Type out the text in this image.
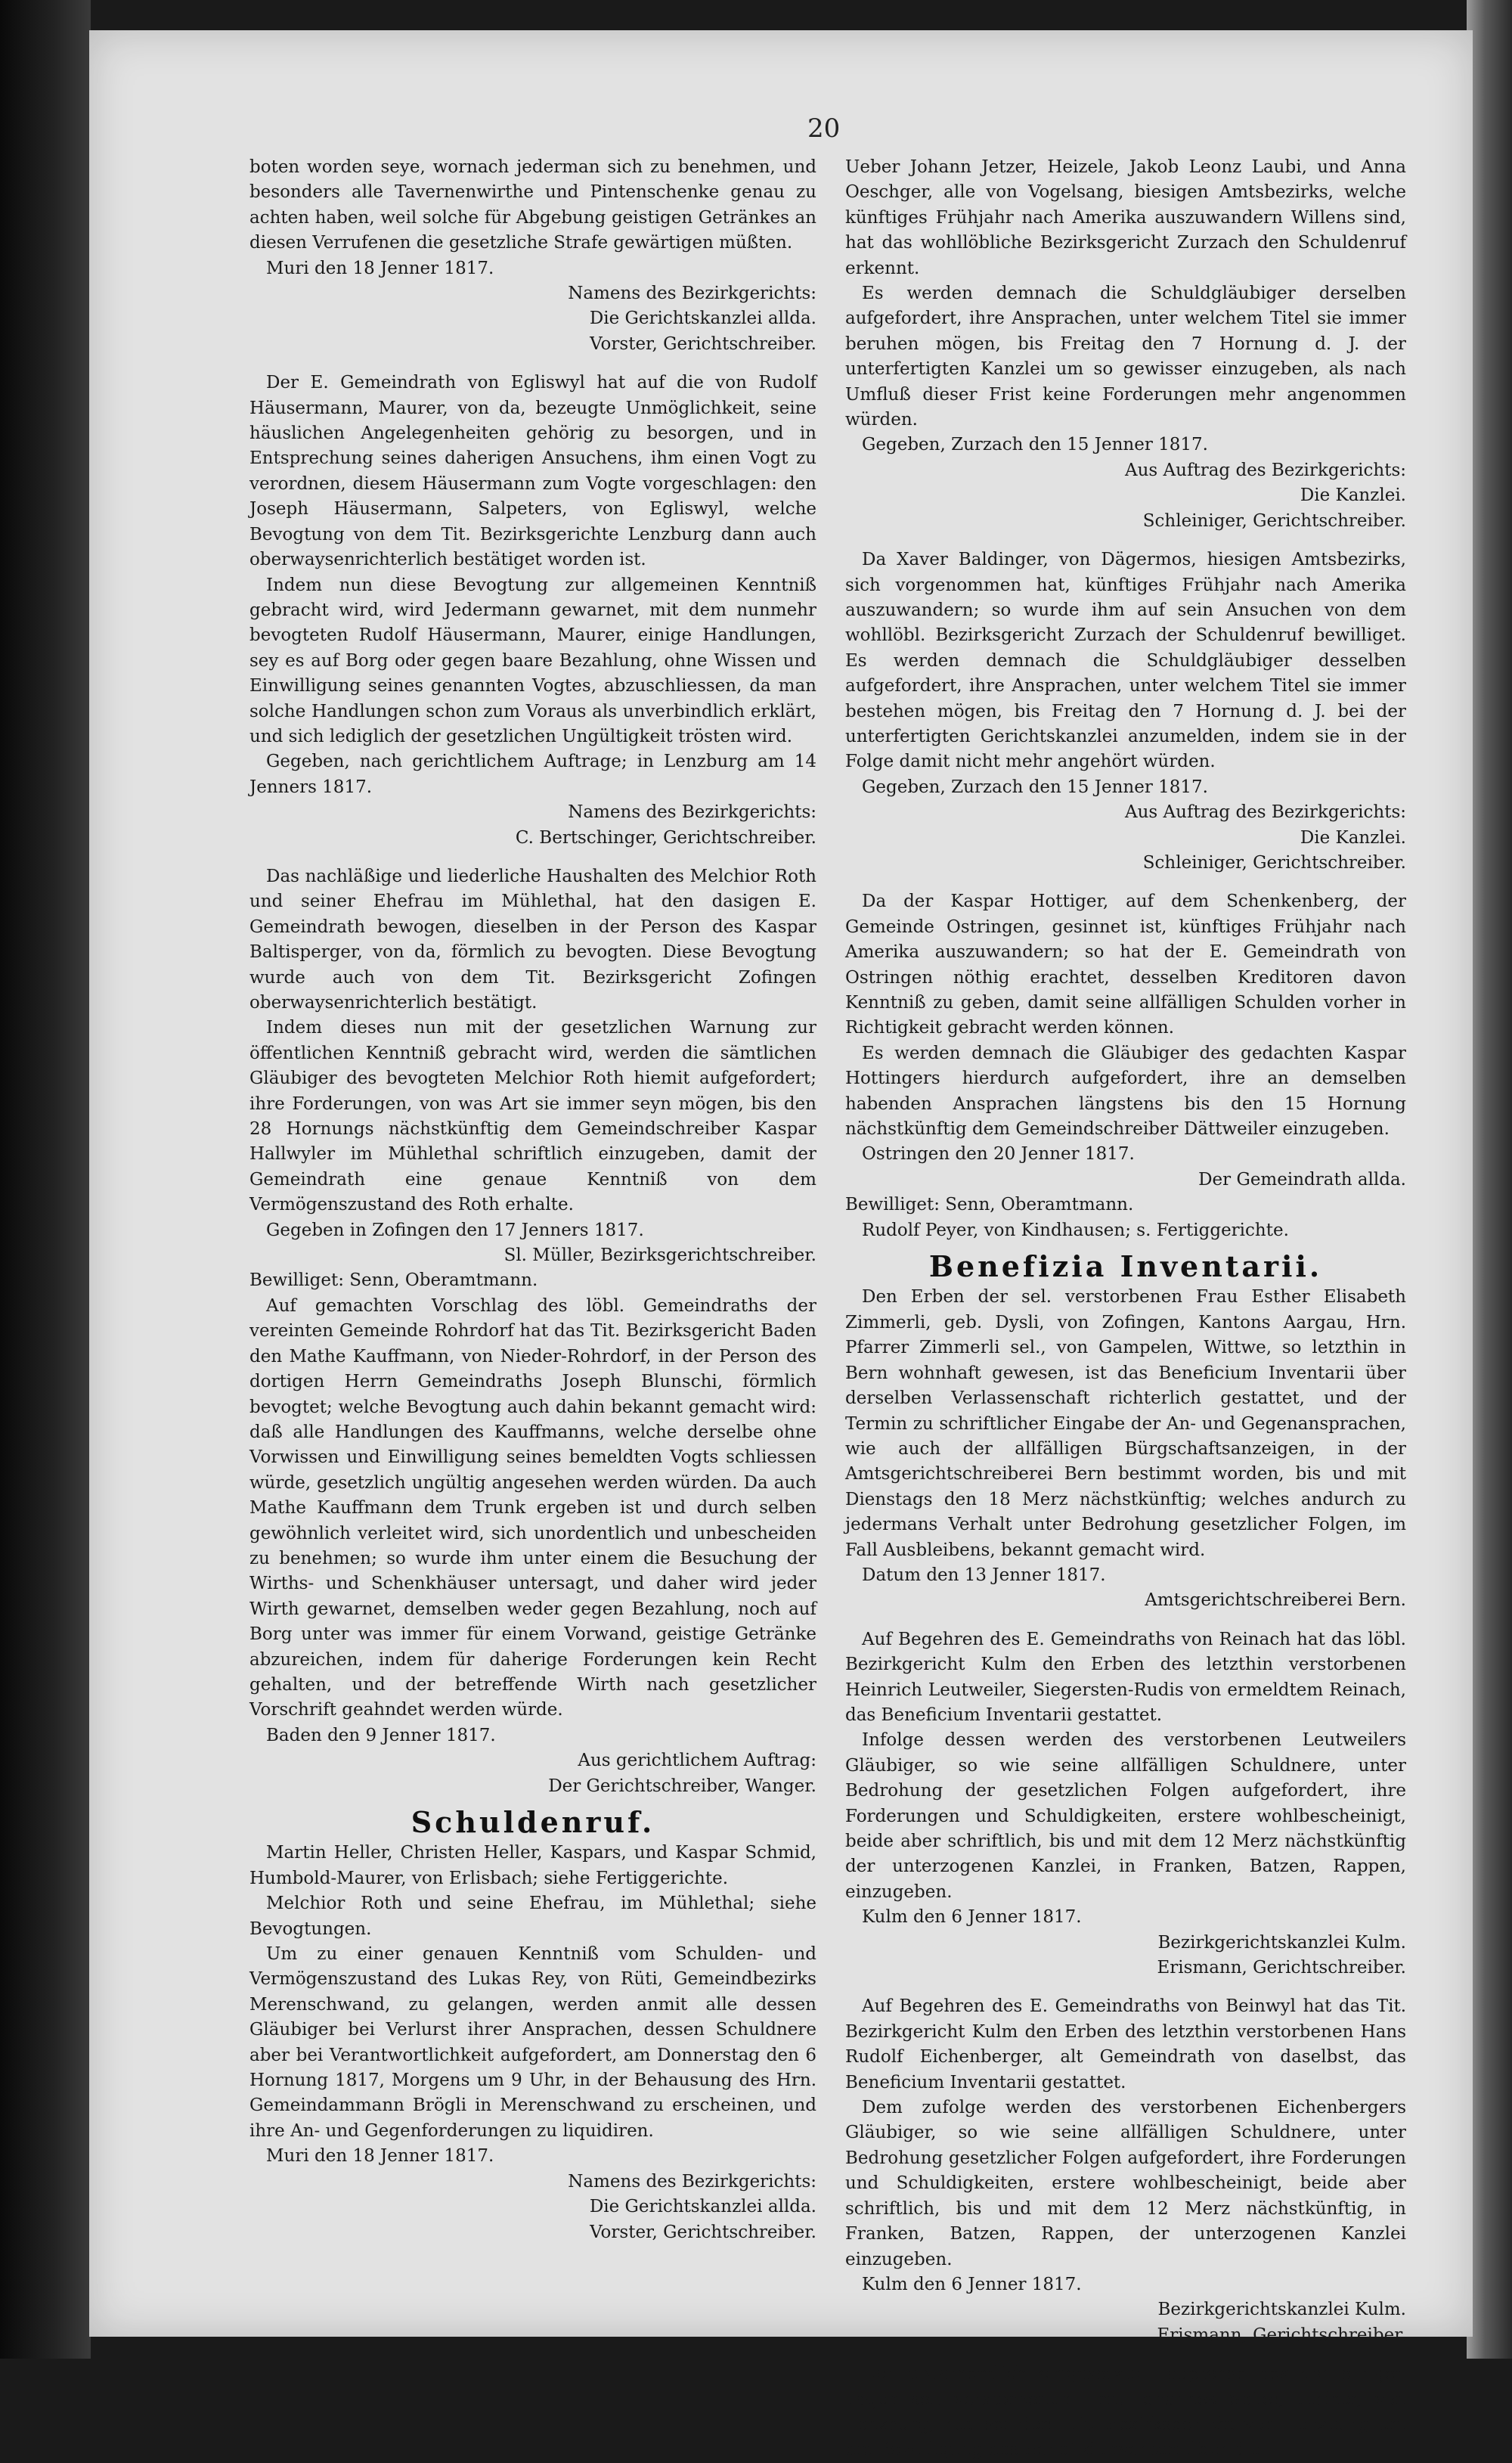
20

boten worden seye, wornach jederman sich zu benehmen, und besonders alle Tavernenwirthe und Pintenschenke genau zu achten haben, weil solche für Abgebung geistigen Getränkes an diesen Verrufenen die gesetzliche Strafe gewärtigen müßten.

Muri den 18 Jenner 1817.

Namens des Bezirkgerichts:

Die Gerichtskanzlei allda.

Vorster, Gerichtschreiber.

Der E. Gemeindrath von Egliswyl hat auf die von Rudolf Häusermann, Maurer, von da, bezeugte Unmöglichkeit, seine häuslichen Angelegenheiten gehörig zu besorgen, und in Entsprechung seines daherigen Ansuchens, ihm einen Vogt zu verordnen, diesem Häusermann zum Vogte vorgeschlagen: den Joseph Häusermann, Salpeters, von Egliswyl, welche Bevogtung von dem Tit. Bezirksgerichte Lenzburg dann auch oberwaysenrichterlich bestätiget worden ist.

Indem nun diese Bevogtung zur allgemeinen Kenntniß gebracht wird, wird Jedermann gewarnet, mit dem nunmehr bevogteten Rudolf Häusermann, Maurer, einige Handlungen, sey es auf Borg oder gegen baare Bezahlung, ohne Wissen und Einwilligung seines genannten Vogtes, abzuschliessen, da man solche Handlungen schon zum Voraus als unverbindlich erklärt, und sich lediglich der gesetzlichen Ungültigkeit trösten wird.

Gegeben, nach gerichtlichem Auftrage; in Lenzburg am 14 Jenners 1817.

Namens des Bezirkgerichts:

C. Bertschinger, Gerichtschreiber.

Das nachläßige und liederliche Haushalten des Melchior Roth und seiner Ehefrau im Mühlethal, hat den dasigen E. Gemeindrath bewogen, dieselben in der Person des Kaspar Baltisperger, von da, förmlich zu bevogten. Diese Bevogtung wurde auch von dem Tit. Bezirksgericht Zofingen oberwaysenrichterlich bestätigt.

Indem dieses nun mit der gesetzlichen Warnung zur öffentlichen Kenntniß gebracht wird, werden die sämtlichen Gläubiger des bevogteten Melchior Roth hiemit aufgefordert; ihre Forderungen, von was Art sie immer seyn mögen, bis den 28 Hornungs nächstkünftig dem Gemeindschreiber Kaspar Hallwyler im Mühlethal schriftlich einzugeben, damit der Gemeindrath eine genaue Kenntniß von dem Vermögenszustand des Roth erhalte.

Gegeben in Zofingen den 17 Jenners 1817.

Sl. Müller, Bezirksgerichtschreiber.

Bewilliget: Senn, Oberamtmann.

Auf gemachten Vorschlag des löbl. Gemeindraths der vereinten Gemeinde Rohrdorf hat das Tit. Bezirksgericht Baden den Mathe Kauffmann, von Nieder-Rohrdorf, in der Person des dortigen Herrn Gemeindraths Joseph Blunschi, förmlich bevogtet; welche Bevogtung auch dahin bekannt gemacht wird: daß alle Handlungen des Kauffmanns, welche derselbe ohne Vorwissen und Einwilligung seines bemeldten Vogts schliessen würde, gesetzlich ungültig angesehen werden würden. Da auch Mathe Kauffmann dem Trunk ergeben ist und durch selben gewöhnlich verleitet wird, sich unordentlich und unbescheiden zu benehmen; so wurde ihm unter einem die Besuchung der Wirths- und Schenkhäuser untersagt, und daher wird jeder Wirth gewarnet, demselben weder gegen Bezahlung, noch auf Borg unter was immer für einem Vorwand, geistige Getränke abzureichen, indem für daherige Forderungen kein Recht gehalten, und der betreffende Wirth nach gesetzlicher Vorschrift geahndet werden würde.

Baden den 9 Jenner 1817.

Aus gerichtlichem Auftrag:

Der Gerichtschreiber, Wanger.

Schuldenruf.

Martin Heller, Christen Heller, Kaspars, und Kaspar Schmid, Humbold-Maurer, von Erlisbach; siehe Fertiggerichte.

Melchior Roth und seine Ehefrau, im Mühlethal; siehe Bevogtungen.

Um zu einer genauen Kenntniß vom Schulden- und Vermögenszustand des Lukas Rey, von Rüti, Gemeindbezirks Merenschwand, zu gelangen, werden anmit alle dessen Gläubiger bei Verlurst ihrer Ansprachen, dessen Schuldnere aber bei Verantwortlichkeit aufgefordert, am Donnerstag den 6 Hornung 1817, Morgens um 9 Uhr, in der Behausung des Hrn. Gemeindammann Brögli in Merenschwand zu erscheinen, und ihre An- und Gegenforderungen zu liquidiren.

Muri den 18 Jenner 1817.

Namens des Bezirkgerichts:

Die Gerichtskanzlei allda.

Vorster, Gerichtschreiber.

Ueber Johann Jetzer, Heizele, Jakob Leonz Laubi, und Anna Oeschger, alle von Vogelsang, biesigen Amtsbezirks, welche künftiges Frühjahr nach Amerika auszuwandern Willens sind, hat das wohllöbliche Bezirksgericht Zurzach den Schuldenruf erkennt.

Es werden demnach die Schuldgläubiger derselben aufgefordert, ihre Ansprachen, unter welchem Titel sie immer beruhen mögen, bis Freitag den 7 Hornung d. J. der unterfertigten Kanzlei um so gewisser einzugeben, als nach Umfluß dieser Frist keine Forderungen mehr angenommen würden.

Gegeben, Zurzach den 15 Jenner 1817.

Aus Auftrag des Bezirkgerichts:

Die Kanzlei.

Schleiniger, Gerichtschreiber.

Da Xaver Baldinger, von Dägermos, hiesigen Amtsbezirks, sich vorgenommen hat, künftiges Frühjahr nach Amerika auszuwandern; so wurde ihm auf sein Ansuchen von dem wohllöbl. Bezirksgericht Zurzach der Schuldenruf bewilliget. Es werden demnach die Schuldgläubiger desselben aufgefordert, ihre Ansprachen, unter welchem Titel sie immer bestehen mögen, bis Freitag den 7 Hornung d. J. bei der unterfertigten Gerichtskanzlei anzumelden, indem sie in der Folge damit nicht mehr angehört würden.

Gegeben, Zurzach den 15 Jenner 1817.

Aus Auftrag des Bezirkgerichts:

Die Kanzlei.

Schleiniger, Gerichtschreiber.

Da der Kaspar Hottiger, auf dem Schenkenberg, der Gemeinde Ostringen, gesinnet ist, künftiges Frühjahr nach Amerika auszuwandern; so hat der E. Gemeindrath von Ostringen nöthig erachtet, desselben Kreditoren davon Kenntniß zu geben, damit seine allfälligen Schulden vorher in Richtigkeit gebracht werden können.

Es werden demnach die Gläubiger des gedachten Kaspar Hottingers hierdurch aufgefordert, ihre an demselben habenden Ansprachen längstens bis den 15 Hornung nächstkünftig dem Gemeindschreiber Dättweiler einzugeben.

Ostringen den 20 Jenner 1817.

Der Gemeindrath allda.

Bewilliget: Senn, Oberamtmann.

Rudolf Peyer, von Kindhausen; s. Fertiggerichte.

Benefizia Inventarii.

Den Erben der sel. verstorbenen Frau Esther Elisabeth Zimmerli, geb. Dysli, von Zofingen, Kantons Aargau, Hrn. Pfarrer Zimmerli sel., von Gampelen, Wittwe, so letzthin in Bern wohnhaft gewesen, ist das Beneficium Inventarii über derselben Verlassenschaft richterlich gestattet, und der Termin zu schriftlicher Eingabe der An- und Gegenansprachen, wie auch der allfälligen Bürgschaftsanzeigen, in der Amtsgerichtschreiberei Bern bestimmt worden, bis und mit Dienstags den 18 Merz nächstkünftig; welches andurch zu jedermans Verhalt unter Bedrohung gesetzlicher Folgen, im Fall Ausbleibens, bekannt gemacht wird.

Datum den 13 Jenner 1817.

Amtsgerichtschreiberei Bern.

Auf Begehren des E. Gemeindraths von Reinach hat das löbl. Bezirkgericht Kulm den Erben des letzthin verstorbenen Heinrich Leutweiler, Siegersten-Rudis von ermeldtem Reinach, das Beneficium Inventarii gestattet.

Infolge dessen werden des verstorbenen Leutweilers Gläubiger, so wie seine allfälligen Schuldnere, unter Bedrohung der gesetzlichen Folgen aufgefordert, ihre Forderungen und Schuldigkeiten, erstere wohlbescheinigt, beide aber schriftlich, bis und mit dem 12 Merz nächstkünftig der unterzogenen Kanzlei, in Franken, Batzen, Rappen, einzugeben.

Kulm den 6 Jenner 1817.

Bezirkgerichtskanzlei Kulm.

Erismann, Gerichtschreiber.

Auf Begehren des E. Gemeindraths von Beinwyl hat das Tit. Bezirkgericht Kulm den Erben des letzthin verstorbenen Hans Rudolf Eichenberger, alt Gemeindrath von daselbst, das Beneficium Inventarii gestattet.

Dem zufolge werden des verstorbenen Eichenbergers Gläubiger, so wie seine allfälligen Schuldnere, unter Bedrohung gesetzlicher Folgen aufgefordert, ihre Forderungen und Schuldigkeiten, erstere wohlbescheinigt, beide aber schriftlich, bis und mit dem 12 Merz nächstkünftig, in Franken, Batzen, Rappen, der unterzogenen Kanzlei einzugeben.

Kulm den 6 Jenner 1817.

Bezirkgerichtskanzlei Kulm.

Erismann, Gerichtschreiber.

Der testamentlich eingesetzte Haupterbe des vor einigen Tagen sel. verstorbenen Hrn. Johannes Seiler, Hafner, von Lenzburg, hat bei dem Tit. Bezirksgericht von Lenzburg um die Bewilligung des Benefizi Inventari über die
